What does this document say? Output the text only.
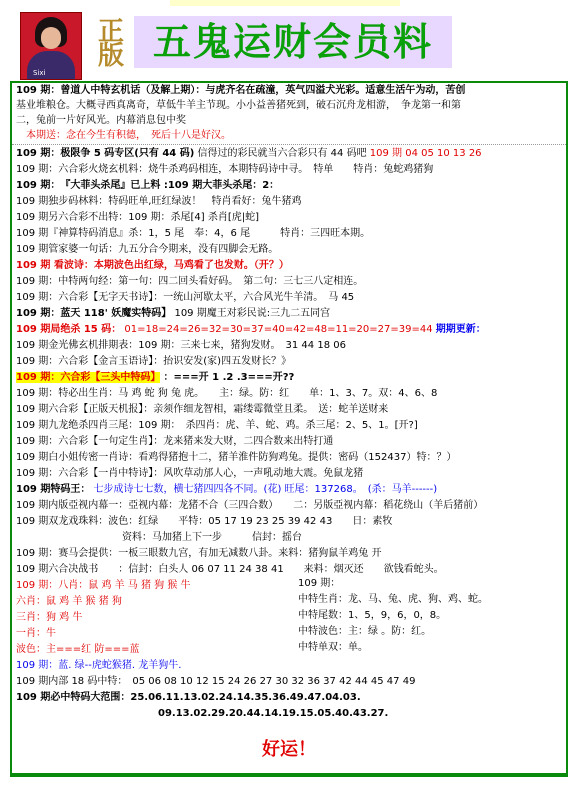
Sixi
正版 五鬼运财会员料
109 期：曾道人中特玄机话（及解上期）：与虎齐名在疏潼，英气四溢犬光彩。适意生活午为动，苦创
基业堆粮仓。大概寻西真离奇，草低牛羊主节现。小小益善猪死到，破石沉舟龙相游，　争龙第一和第
二，兔前一片好风光。内幕消息包中奖
本期送：念在今生有积德，　死后十八是好汉。
109 期：极限争 5 码专区(只有 44 码) 信得过的彩民就当六合彩只有 44 码吧 109 期 04 05 10 13 26
109 期：六合彩火烧玄机料：烧牛杀鸡码相连，本期特码诗中寻。　特单　　特肖：兔蛇鸡猪狗
109 期：　『大菲头杀尾』已上料 :109 期大菲头杀尾：2：
109 期独步码林料：特码旺单,旺红绿波！　特肖看好：兔牛猪鸡
109 期另六合彩不出特：109 期：杀尾[4] 杀肖[虎|蛇]
109 期『神算特码消息』杀：1，5 尾　奉：4，6 尾　　　特肖：三四旺本期。
109 期管家婆一句话：九五分合今期来，没有四脚会无路。
109 期 看波诗：本期波色出红绿，马鸡看了也发财。（开？）
109 期：中特两句经：第一句：四二回头看好码。　第二句：三七三八定相连。
109 期：六合彩【无字天书诗】：一统山河歇太平，六合风光牛羊清。　马 45
109 期：蓝天 118' 妖魔实特码】 109 期魔王对彩民说:三九二五同宫
109 期局绝杀 15 码： 01=18=24=26=32=30=37=40=42=48=11=20=27=39=44 期期更新：
109 期金光佛玄机排期表：109 期：三来七来，猪狗发财。　31 44 18 06
109 期：六合彩【金言玉语诗】：抬识安发(家)四五发财长？》
109 期：六合彩【三头中特码】 ：===开 1 .2 .3===开??
109 期：特必出生肖：马 鸡 蛇 狗 兔 虎。　　主：绿。防：红　　单：1、3、7。双：4、6、8
109 期六合彩【正版天机报】：亲须作细龙智相，霜缕霉微堂且柔。　送：蛇羊送财来
109 期九龙绝杀四肖三尾：109 期：　杀四肖：虎、羊、蛇、鸡。杀三尾：2、5、1。[开?]
109 期：六合彩【一句定生肖】：龙来猪来发大财，二四合数来出特打通
109 期白小姐传密一肖诗：看鸡得猪抱十二，猪羊淮件防狗鸡兔。提供：密码（152437）特：？）
109 期：六合彩【一肖中特诗】：风吹草动邡人心，一声吼动地大震。免鼠龙猪
109 期特码王： 七步成诗七七数，横七猪四四各不同。(花) 旺尾：137268。　(杀：马羊------)
109 期内版亞视内幕一：亞视内幕：龙猪不合（三四合数）　　二：另版亞视内幕：稻花绕山（羊后猪前）
109 期双龙戏珠料：波色：红绿　　平特：05 17 19 23 25 39 42 43　　日：素牧
资料：马加猪上下一步　　　信封：摇台
109 期：赛马会提供：一板三眼数九宫，有加无减数八卦。来料：猪狗鼠羊鸡兔 开
109 期六合决战书　　：信封：白头人 06 07 11 24 38 41　　来料：烟灭还　　欲钱看蛇头。
109 期：八肖：鼠 鸡 羊 马 猪 狗 猴 牛
六肖：鼠 鸡 羊 猴 猪 狗
三肖：狗 鸡 牛
一肖：牛
波色：主===红 防===蓝
109 期：蓝. 绿--虎蛇猴猪. 龙羊狗牛.
109 期：
中特生肖：龙、马、兔、虎、狗、鸡、蛇。
中特尾数：1、5，9，6，0，8。
中特波色：主：绿 。防：红。
中特单双：单。
109 期内部 18 码中特：　05 06 08 10 12 15 24 26 27 30 32 36 37 42 44 45 47 49
109 期必中特码大范围：25.06.11.13.02.24.14.35.36.49.47.04.03.
09.13.02.29.20.44.14.19.15.05.40.43.27.
好运！
